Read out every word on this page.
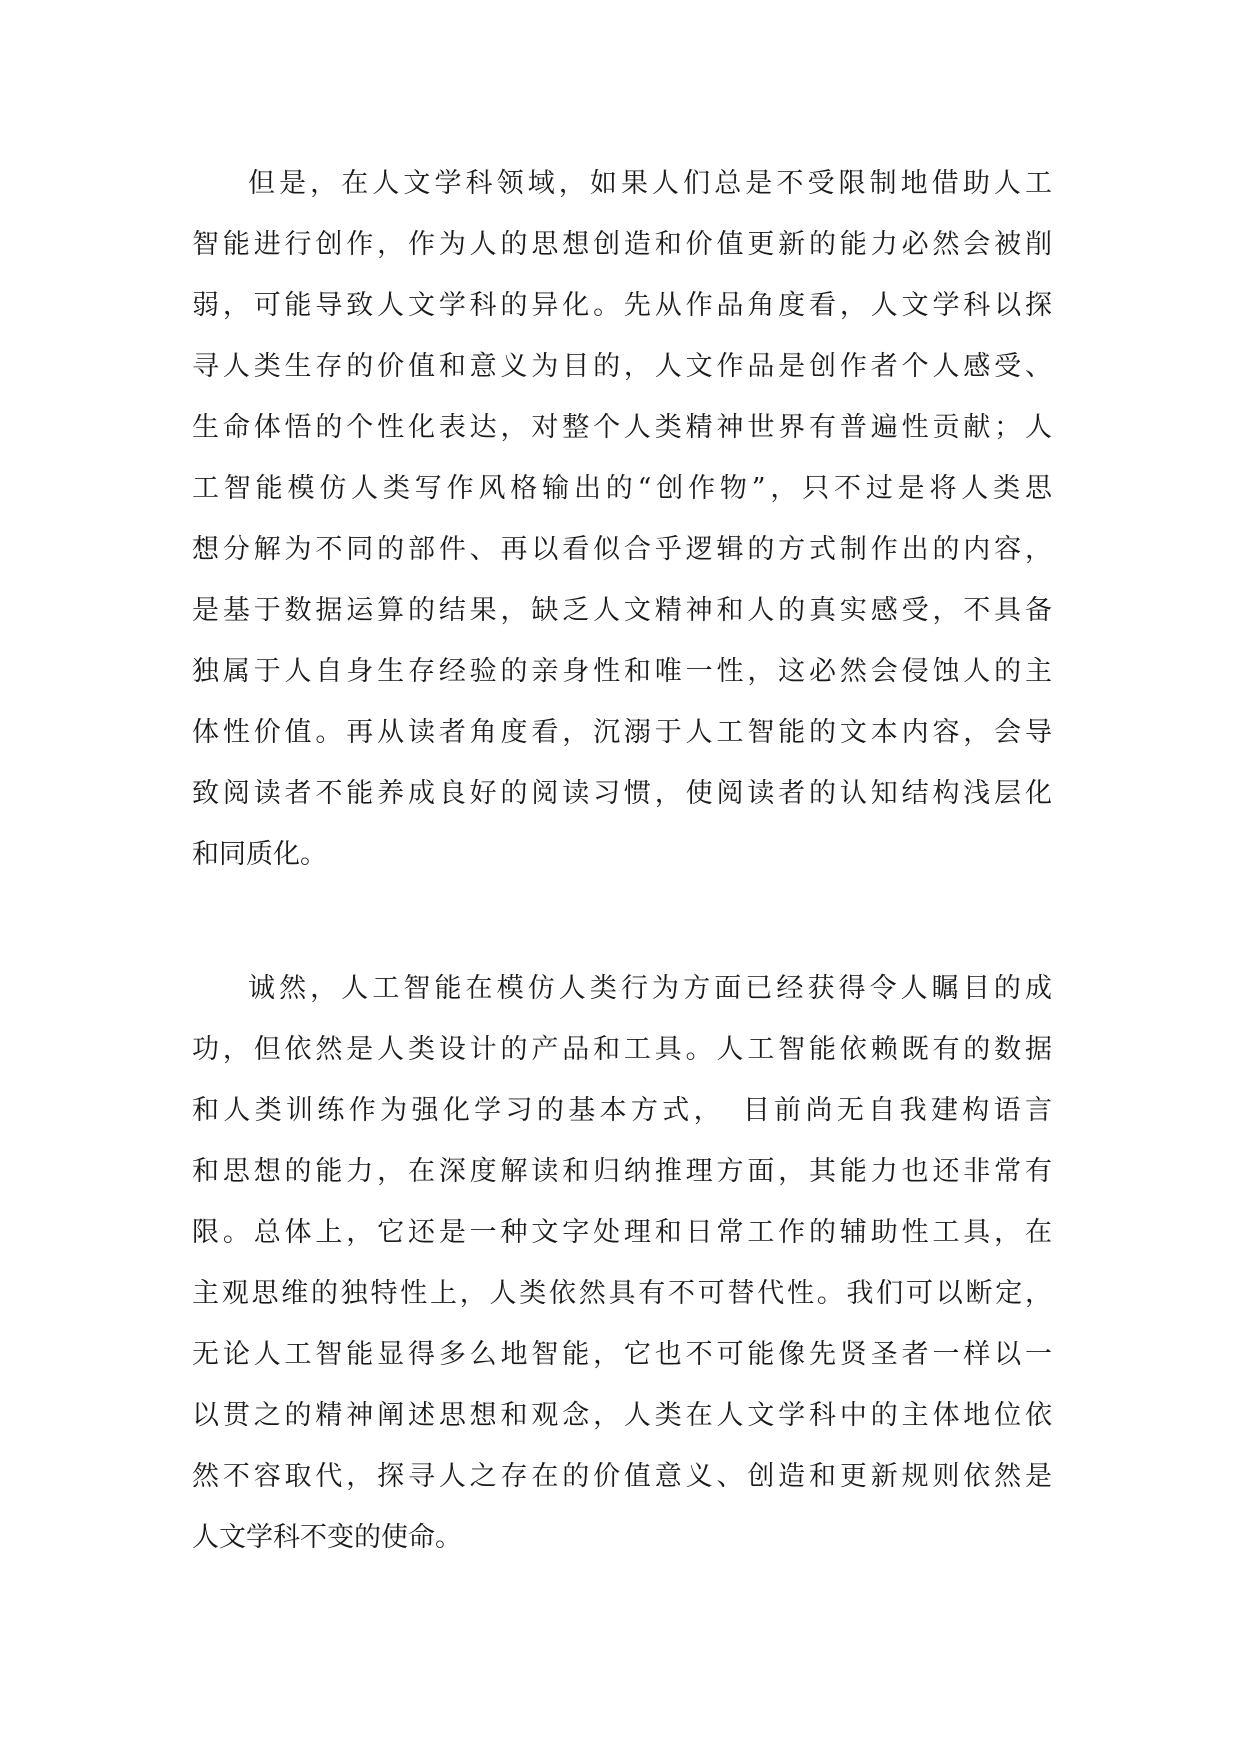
但是，在人文学科领域，如果人们总是不受限制地借助人工
智能进行创作，作为人的思想创造和价值更新的能力必然会被削
弱，可能导致人文学科的异化。先从作品角度看，人文学科以探
寻人类生存的价值和意义为目的，人文作品是创作者个人感受、
生命体悟的个性化表达，对整个人类精神世界有普遍性贡献；人
工智能模仿人类写作风格输出的“创作物”，只不过是将人类思
想分解为不同的部件、再以看似合乎逻辑的方式制作出的内容，
是基于数据运算的结果，缺乏人文精神和人的真实感受，不具备
独属于人自身生存经验的亲身性和唯一性，这必然会侵蚀人的主
体性价值。再从读者角度看，沉溺于人工智能的文本内容，会导
致阅读者不能养成良好的阅读习惯，使阅读者的认知结构浅层化
和同质化。
诚然，人工智能在模仿人类行为方面已经获得令人瞩目的成
功，但依然是人类设计的产品和工具。人工智能依赖既有的数据
和人类训练作为强化学习的基本方式，　目前尚无自我建构语言
和思想的能力，在深度解读和归纳推理方面，其能力也还非常有
限。总体上，它还是一种文字处理和日常工作的辅助性工具，在
主观思维的独特性上，人类依然具有不可替代性。我们可以断定，
无论人工智能显得多么地智能，它也不可能像先贤圣者一样以一
以贯之的精神阐述思想和观念，人类在人文学科中的主体地位依
然不容取代，探寻人之存在的价值意义、创造和更新规则依然是
人文学科不变的使命。
